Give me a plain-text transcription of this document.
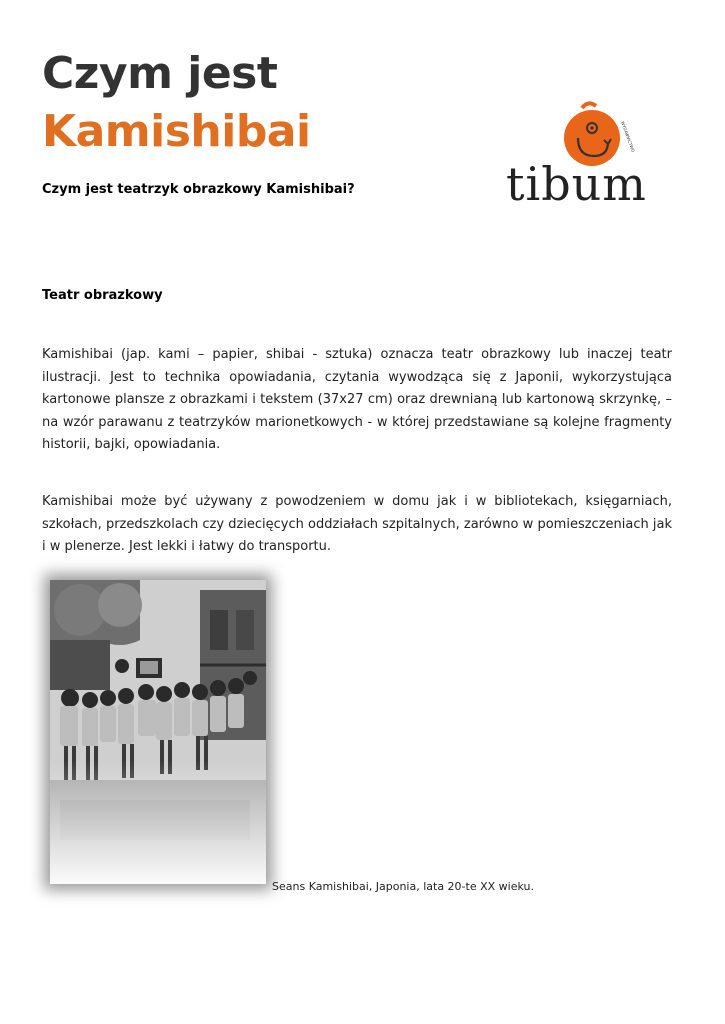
Czym jest
Kamishibai
Czym jest teatrzyk obrazkowy Kamishibai?
WYDAWNICTWO
tibum
Teatr obrazkowy
Kamishibai (jap. kami – papier, shibai - sztuka) oznacza teatr obrazkowy lub inaczej teatr ilustracji. Jest to technika opowiadania, czytania wywodząca się z Japonii, wykorzystująca kartonowe plansze z obrazkami i tekstem (37x27 cm) oraz drewnianą lub kartonową skrzynkę, – na wzór parawanu z teatrzyków marionetkowych - w której przedstawiane są kolejne fragmenty historii, bajki, opowiadania.
Kamishibai może być używany z powodzeniem w domu jak i w bibliotekach, księgarniach, szkołach, przedszkolach czy dziecięcych oddziałach szpitalnych, zarówno w pomieszczeniach jak i w plenerze. Jest lekki i łatwy do transportu.
Seans Kamishibai, Japonia, lata 20-te XX wieku.
